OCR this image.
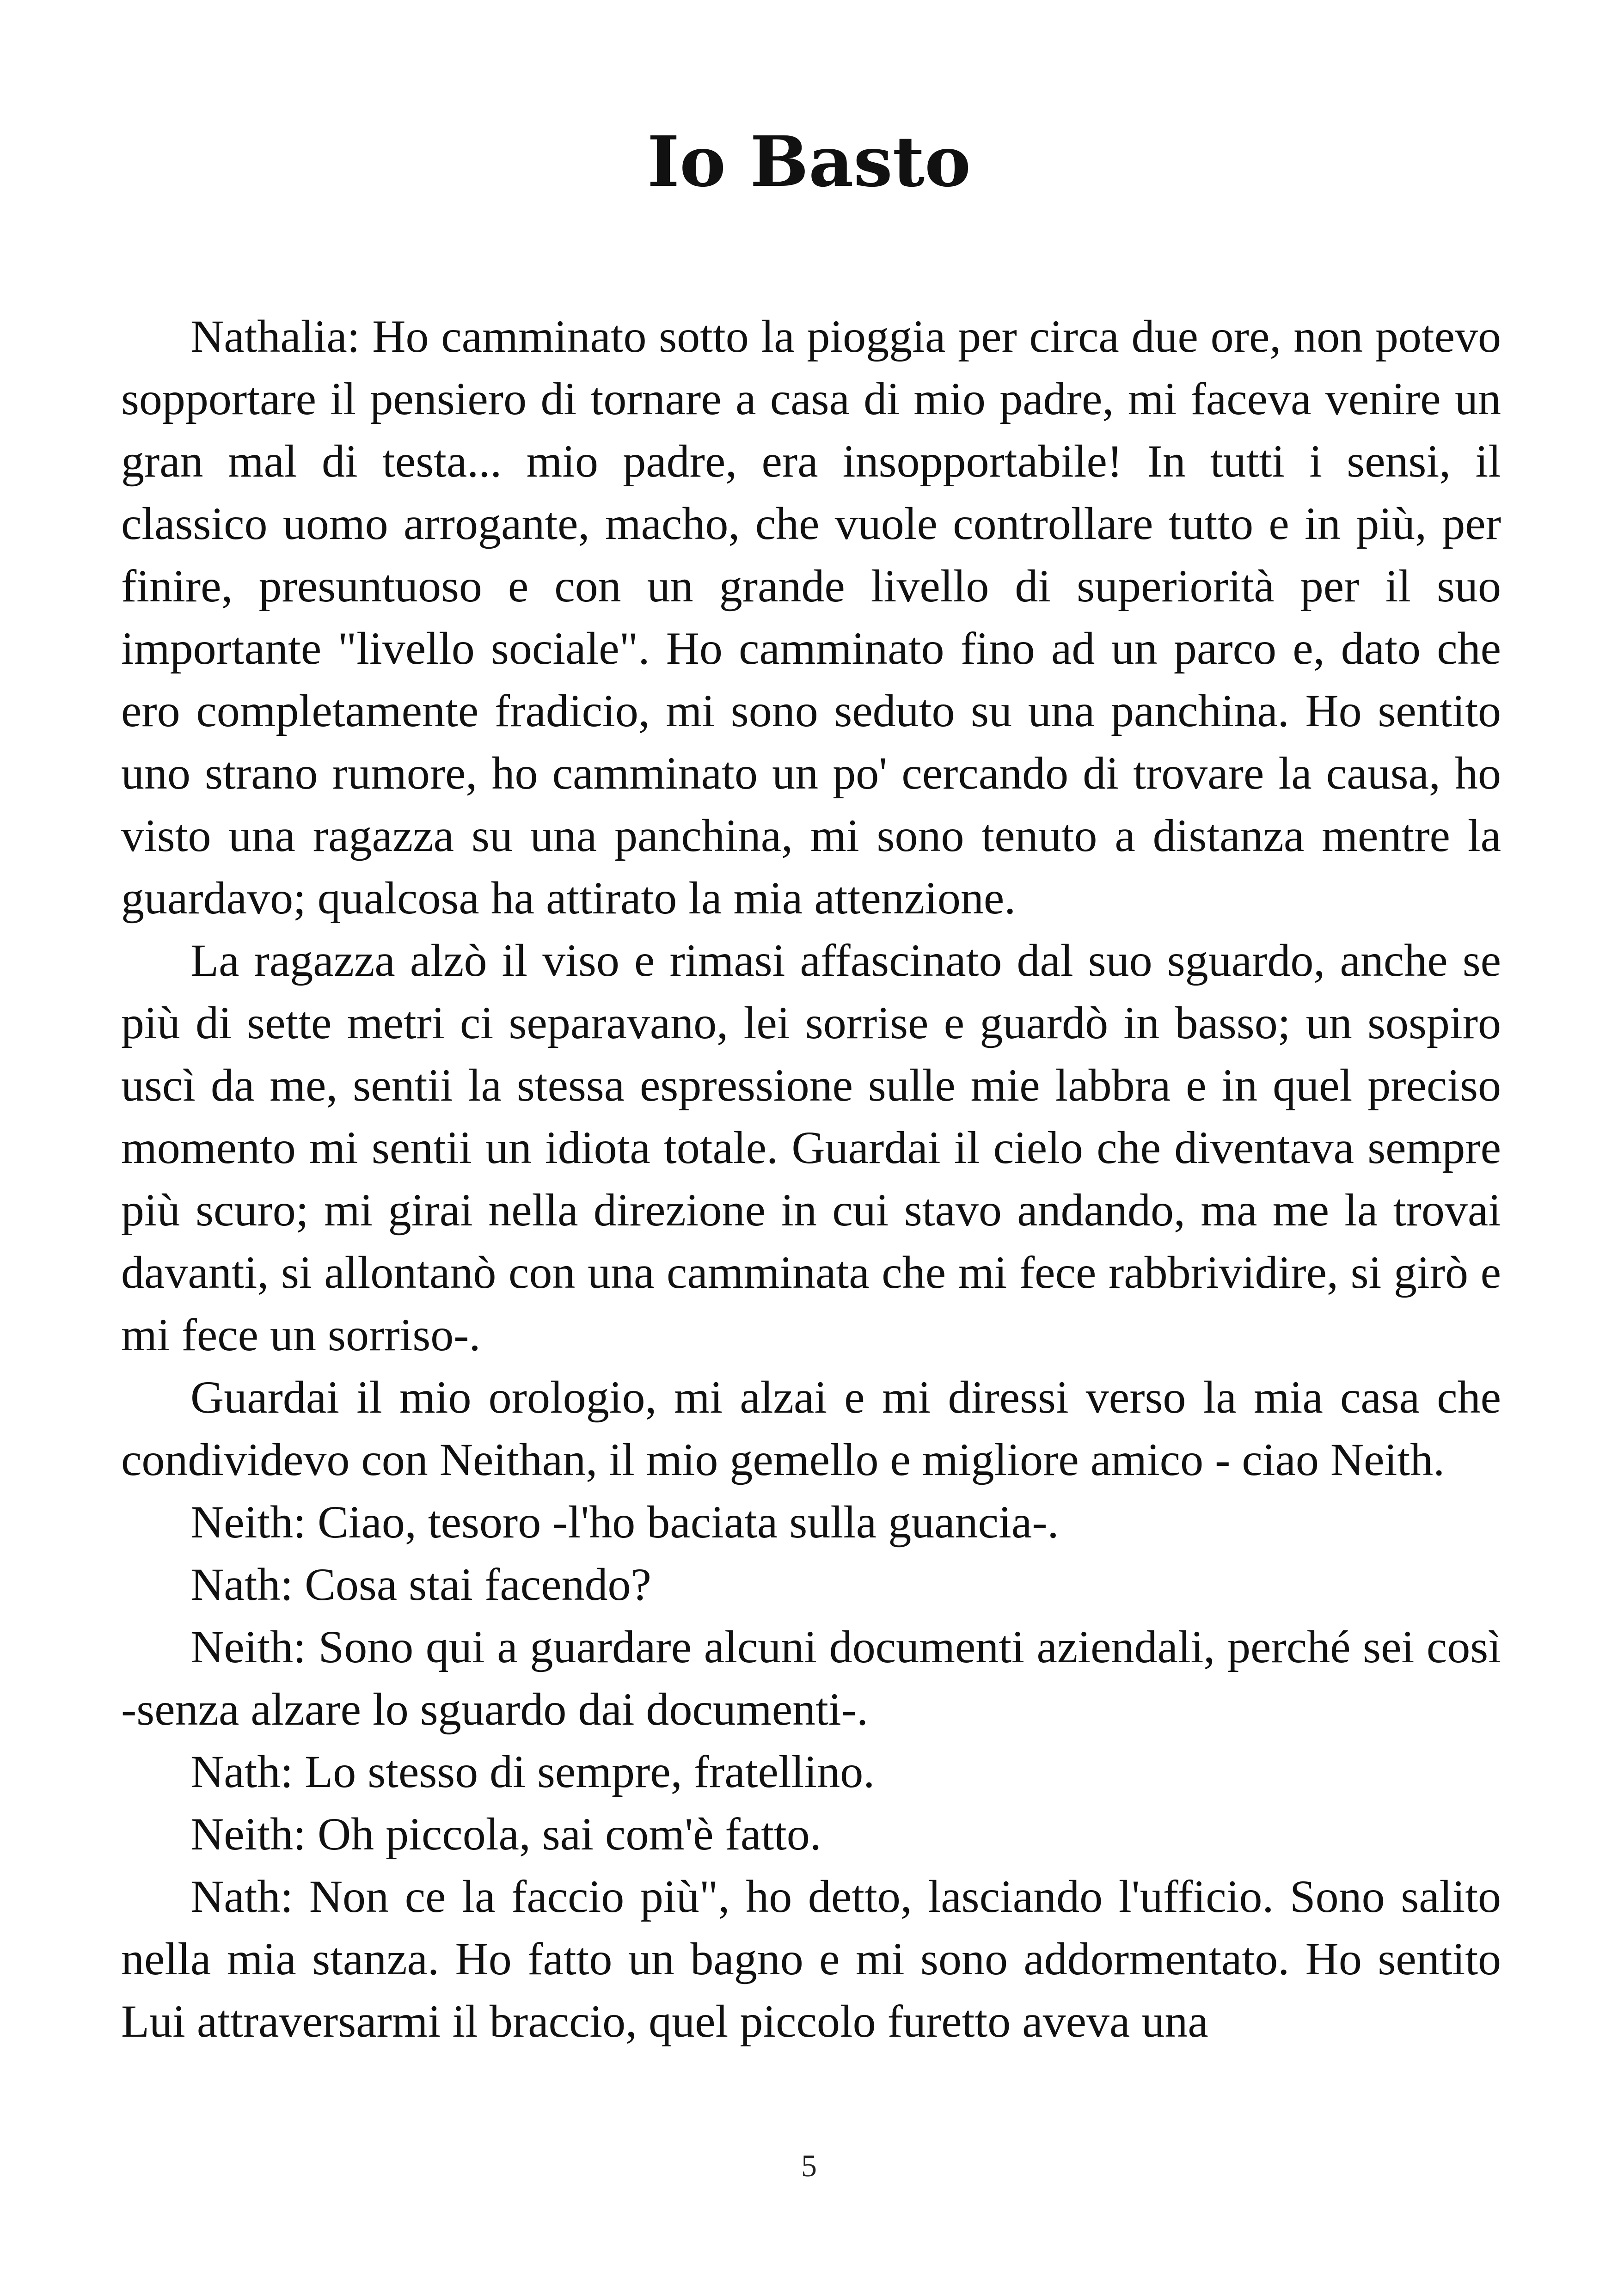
Io Basto

Nathalia: Ho camminato sotto la pioggia per circa due ore, non potevo sopportare il pensiero di tornare a casa di mio padre, mi faceva venire un gran mal di testa... mio padre, era insopportabile! In tutti i sensi, il classico uomo arrogante, macho, che vuole controllare tutto e in più, per finire, presuntuoso e con un grande livello di superiorità per il suo importante "livello sociale". Ho camminato fino ad un parco e, dato che ero completamente fradicio, mi sono seduto su una panchina. Ho sentito uno strano rumore, ho camminato un po' cercando di trovare la causa, ho visto una ragazza su una panchina, mi sono tenuto a distanza mentre la guardavo; qualcosa ha attirato la mia attenzione.

La ragazza alzò il viso e rimasi affascinato dal suo sguardo, anche se più di sette metri ci separavano, lei sorrise e guardò in basso; un sospiro uscì da me, sentii la stessa espressione sulle mie labbra e in quel preciso momento mi sentii un idiota totale. Guardai il cielo che diventava sempre più scuro; mi girai nella direzione in cui stavo andando, ma me la trovai davanti, si allontanò con una camminata che mi fece rabbrividire, si girò e mi fece un sorriso-.

Guardai il mio orologio, mi alzai e mi diressi verso la mia casa che condividevo con Neithan, il mio gemello e migliore amico - ciao Neith.

Neith: Ciao, tesoro -l'ho baciata sulla guancia-.

Nath: Cosa stai facendo?

Neith: Sono qui a guardare alcuni documenti aziendali, perché sei così -senza alzare lo sguardo dai documenti-.

Nath: Lo stesso di sempre, fratellino.

Neith: Oh piccola, sai com'è fatto.

Nath: Non ce la faccio più", ho detto, lasciando l'ufficio. Sono salito nella mia stanza. Ho fatto un bagno e mi sono addormentato. Ho sentito Lui attraversarmi il braccio, quel piccolo furetto aveva una

5
